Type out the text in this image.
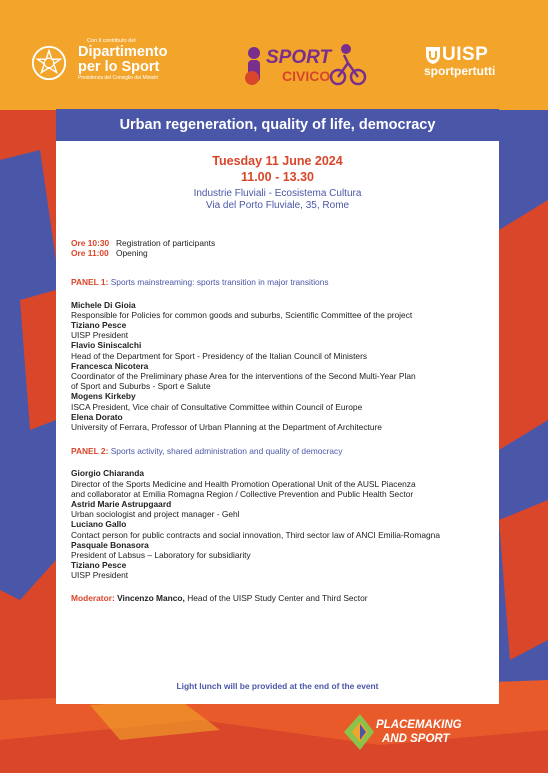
Con il contributo del
Dipartimento
per lo Sport
Presidenza del Consiglio dei Ministri
SPORT
CIVICO
UISP
sportpertutti
Urban regeneration, quality of life, democracy
Tuesday 11 June 2024
11.00 - 13.30
Industrie Fluviali - Ecosistema Cultura
Via del Porto Fluviale, 35, Rome
Ore 10:30 Registration of participants
Ore 11:00 Opening
PANEL 1: Sports mainstreaming: sports transition in major transitions
Michele Di Gioia
Responsible for Policies for common goods and suburbs, Scientific Committee of the project
Tiziano Pesce
UISP President
Flavio Siniscalchi
Head of the Department for Sport - Presidency of the Italian Council of Ministers
Francesca Nicotera
Coordinator of the Preliminary phase Area for the interventions of the Second Multi-Year Plan
of Sport and Suburbs - Sport e Salute
Mogens Kirkeby
ISCA President, Vice chair of Consultative Committee within Council of Europe
Elena Dorato
University of Ferrara, Professor of Urban Planning at the Department of Architecture
PANEL 2: Sports activity, shared administration and quality of democracy
Giorgio Chiaranda
Director of the Sports Medicine and Health Promotion Operational Unit of the AUSL Piacenza
and collaborator at Emilia Romagna Region / Collective Prevention and Public Health Sector
Astrid Marie Astrupgaard
Urban sociologist and project manager - Gehl
Luciano Gallo
Contact person for public contracts and social innovation, Third sector law of ANCI Emilia-Romagna
Pasquale Bonasora
President of Labsus – Laboratory for subsidiarity
Tiziano Pesce
UISP President
Moderator: Vincenzo Manco, Head of the UISP Study Center and Third Sector
Light lunch will be provided at the end of the event
PLACEMAKING
AND SPORT
